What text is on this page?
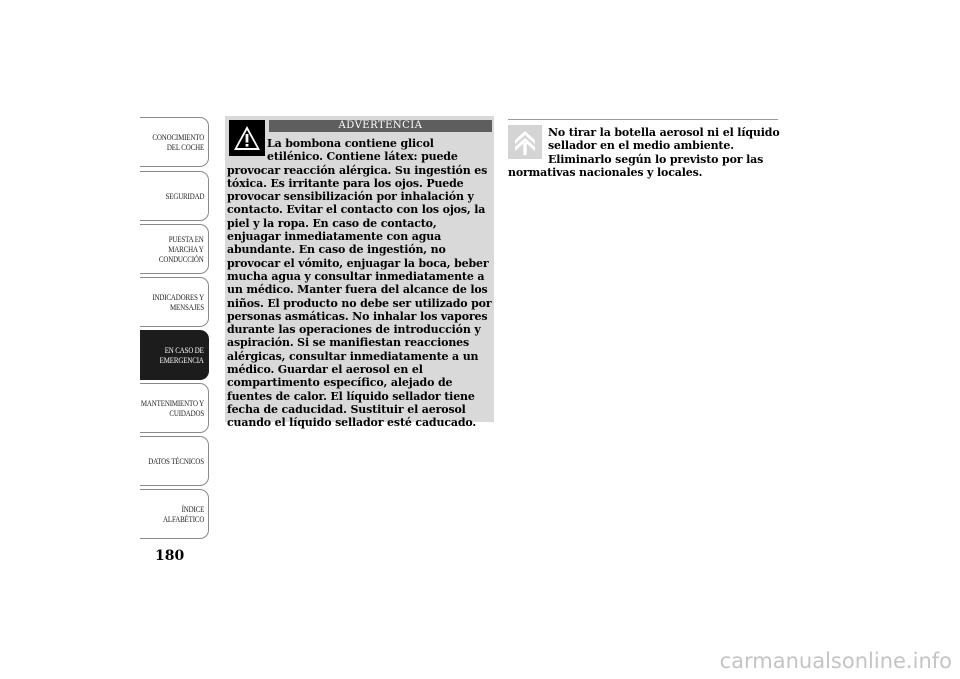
CONOCIMIENTO
DEL COCHE
SEGURIDAD
PUESTA EN
MARCHA Y
CONDUCCIÓN
INDICADORES Y
MENSAJES
EN CASO DE
EMERGENCIA
MANTENIMIENTO Y
CUIDADOS
DATOS TÉCNICOS
ÍNDICE
ALFABÉTICO
180
ADVERTENCIA
La bombona contiene glicol etilénico. Contiene látex: puede provocar reacción alérgica. Su ingestión es tóxica. Es irritante para los ojos. Puede provocar sensibilización por inhalación y contacto. Evitar el contacto con los ojos, la piel y la ropa. En caso de contacto, enjuagar inmediatamente con agua abundante. En caso de ingestión, no provocar el vómito, enjuagar la boca, beber mucha agua y consultar inmediatamente a un médico. Manter fuera del alcance de los niños. El producto no debe ser utilizado por personas asmáticas. No inhalar los vapores durante las operaciones de introducción y aspiración. Si se manifiestan reacciones alérgicas, consultar inmediatamente a un médico. Guardar el aerosol en el compartimento específico, alejado de fuentes de calor. El líquido sellador tiene fecha de caducidad. Sustituir el aerosol cuando el líquido sellador esté caducado.
No tirar la botella aerosol ni el líquido sellador en el medio ambiente. Eliminarlo según lo previsto por las normativas nacionales y locales.
carmanualsonline.info
